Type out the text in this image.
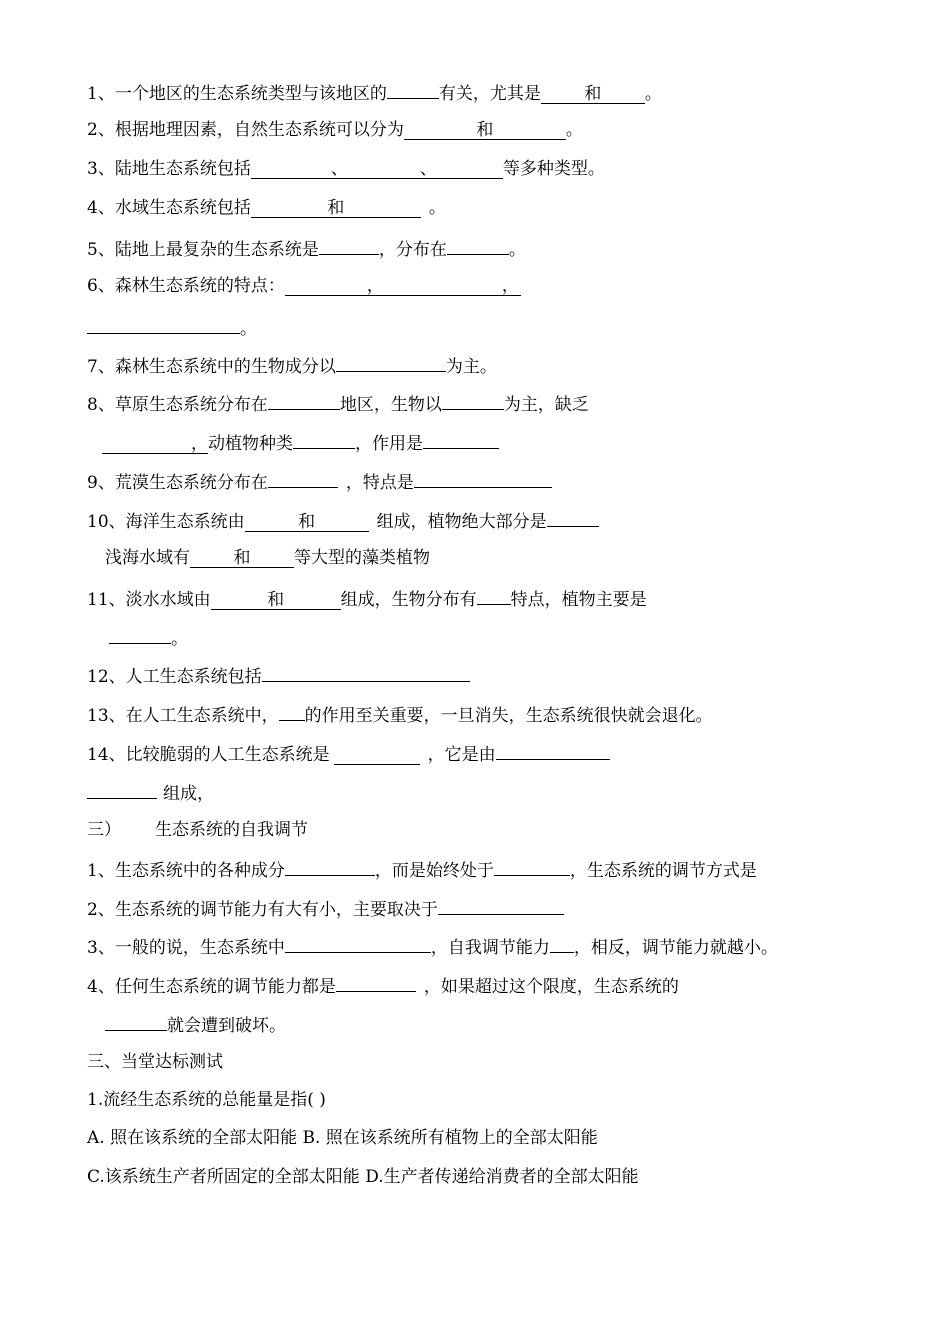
1、一个地区的生态系统类型与该地区的	有关，尤其是	和	。
2、根据地理因素，自然生态系统可以分为	和	。
3、陆地生态系统包括	、	、	等多种类型。
4、水域生态系统包括	和	。
5、陆地上最复杂的生态系统是	，分布在	。
6、森林生态系统的特点：	，	，
。
7、森林生态系统中的生物成分以	为主。
8、草原生态系统分布在	地区，生物以	为主，缺乏
，动植物种类	，作用是
9、荒漠生态系统分布在	，特点是
10、海洋生态系统由	和	组成，植物绝大部分是
浅海水域有	和	等大型的藻类植物
11、淡水水域由	和	组成，生物分布有 特点，植物主要是
。
12、人工生态系统包括
13、在人工生态系统中， 的作用至关重要，一旦消失，生态系统很快就会退化。
14、比较脆弱的人工生态系统是	，它是由
组成，
三） 生态系统的自我调节
1、生态系统中的各种成分	，而是始终处于	，生态系统的调节方式是
2、生态系统的调节能力有大有小，主要取决于
3、一般的说，生态系统中	，自我调节能力 ，相反，调节能力就越小。
4、任何生态系统的调节能力都是	，如果超过这个限度，生态系统的
就会遭到破坏。
三、当堂达标测试
1.流经生态系统的总能量是指( )
A. 照在该系统的全部太阳能 B. 照在该系统所有植物上的全部太阳能
C.该系统生产者所固定的全部太阳能 D.生产者传递给消费者的全部太阳能
